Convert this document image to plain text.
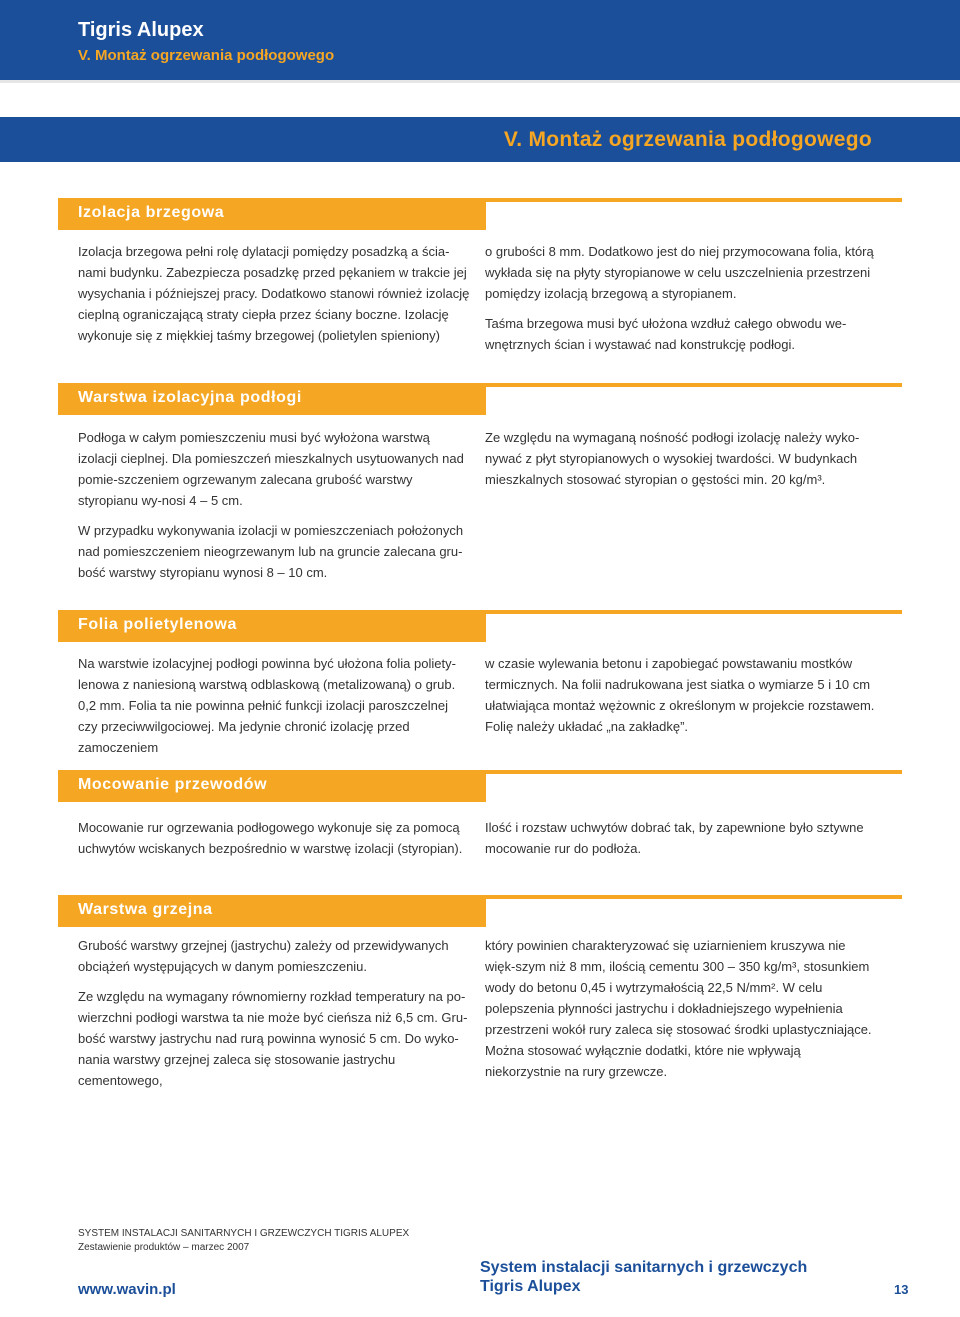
Tigris Alupex
V. Montaż ogrzewania podłogowego
V. Montaż ogrzewania podłogowego
Izolacja brzegowa

Izolacja brzegowa pełni rolę dylatacji pomiędzy posadzką a ścia-nami budynku. Zabezpiecza posadzkę przed pękaniem w trakcie jej wysychania i późniejszej pracy. Dodatkowo stanowi również izolację cieplną ograniczającą straty ciepła przez ściany boczne. Izolację wykonuje się z miękkiej taśmy brzegowej (polietylen spieniony)

o grubości 8 mm. Dodatkowo jest do niej przymocowana folia, którą wykłada się na płyty styropianowe w celu uszczelnienia przestrzeni pomiędzy izolacją brzegową a styropianem.

Taśma brzegowa musi być ułożona wzdłuż całego obwodu we-wnętrznych ścian i wystawać nad konstrukcję podłogi.

Warstwa izolacyjna podłogi

Podłoga w całym pomieszczeniu musi być wyłożona warstwą izolacji cieplnej. Dla pomieszczeń mieszkalnych usytuowanych nad pomie-szczeniem ogrzewanym zalecana grubość warstwy styropianu wy-nosi 4 – 5 cm.

W przypadku wykonywania izolacji w pomieszczeniach położonych nad pomieszczeniem nieogrzewanym lub na gruncie zalecana gru-bość warstwy styropianu wynosi 8 – 10 cm.

Ze względu na wymaganą nośność podłogi izolację należy wyko-nywać z płyt styropianowych o wysokiej twardości. W budynkach mieszkalnych stosować styropian o gęstości min. 20 kg/m³.

Folia polietylenowa

Na warstwie izolacyjnej podłogi powinna być ułożona folia poliety-lenowa z naniesioną warstwą odblaskową (metalizowaną) o grub. 0,2 mm. Folia ta nie powinna pełnić funkcji izolacji paroszczelnej czy przeciwwilgociowej. Ma jedynie chronić izolację przed zamoczeniem

w czasie wylewania betonu i zapobiegać powstawaniu mostków termicznych. Na folii nadrukowana jest siatka o wymiarze 5 i 10 cm ułatwiająca montaż wężownic z określonym w projekcie rozstawem. Folię należy układać „na zakładkę”.

Mocowanie przewodów

Mocowanie rur ogrzewania podłogowego wykonuje się za pomocą uchwytów wciskanych bezpośrednio w warstwę izolacji (styropian).

Ilość i rozstaw uchwytów dobrać tak, by zapewnione było sztywne mocowanie rur do podłoża.

Warstwa grzejna

Grubość warstwy grzejnej (jastrychu) zależy od przewidywanych obciążeń występujących w danym pomieszczeniu.

Ze względu na wymagany równomierny rozkład temperatury na po-wierzchni podłogi warstwa ta nie może być cieńsza niż 6,5 cm. Gru-bość warstwy jastrychu nad rurą powinna wynosić 5 cm. Do wyko-nania warstwy grzejnej zaleca się stosowanie jastrychu cementowego,

który powinien charakteryzować się uziarnieniem kruszywa nie więk-szym niż 8 mm, ilością cementu 300 – 350 kg/m³, stosunkiem wody do betonu 0,45 i wytrzymałością 22,5 N/mm². W celu polepszenia płynności jastrychu i dokładniejszego wypełnienia przestrzeni wokół rury zaleca się stosować środki uplastyczniające. Można stosować wyłącznie dodatki, które nie wpływają niekorzystnie na rury grzewcze.

SYSTEM INSTALACJI SANITARNYCH I GRZEWCZYCH TIGRIS ALUPEX
Zestawienie produktów – marzec 2007
www.wavin.pl
System instalacji sanitarnych i grzewczych
Tigris Alupex	13
